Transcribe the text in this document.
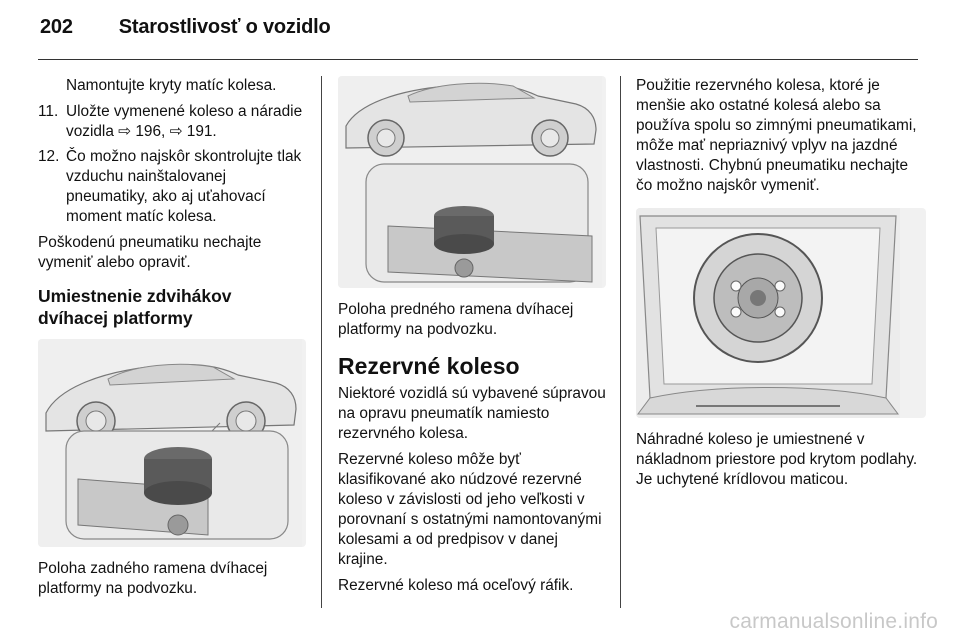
202 Starostlivosť o vozidlo

Namontujte kryty matíc kolesa.

11. Uložte vymenené koleso a náradie vozidla ⇨ 196, ⇨ 191.
12. Čo možno najskôr skontrolujte tlak vzduchu nainštalovanej pneumatiky, ako aj uťahovací moment matíc kolesa.

Poškodenú pneumatiku nechajte vymeniť alebo opraviť.

Umiestnenie zdvihákov dvíhacej platformy

Poloha zadného ramena dvíhacej platformy na podvozku.

Poloha predného ramena dvíhacej platformy na podvozku.

Rezervné koleso

Niektoré vozidlá sú vybavené súpravou na opravu pneumatík namiesto rezervného kolesa.

Rezervné koleso môže byť klasifikované ako núdzové rezervné koleso v závislosti od jeho veľkosti v porovnaní s ostatnými namontovanými kolesami a od predpisov v danej krajine.

Rezervné koleso má oceľový ráfik.

Použitie rezervného kolesa, ktoré je menšie ako ostatné kolesá alebo sa používa spolu so zimnými pneumatikami, môže mať nepriaznivý vplyv na jazdné vlastnosti. Chybnú pneumatiku nechajte čo možno najskôr vymeniť.

Náhradné koleso je umiestnené v nákladnom priestore pod krytom podlahy. Je uchytené krídlovou maticou.

carmanualsonline.info
